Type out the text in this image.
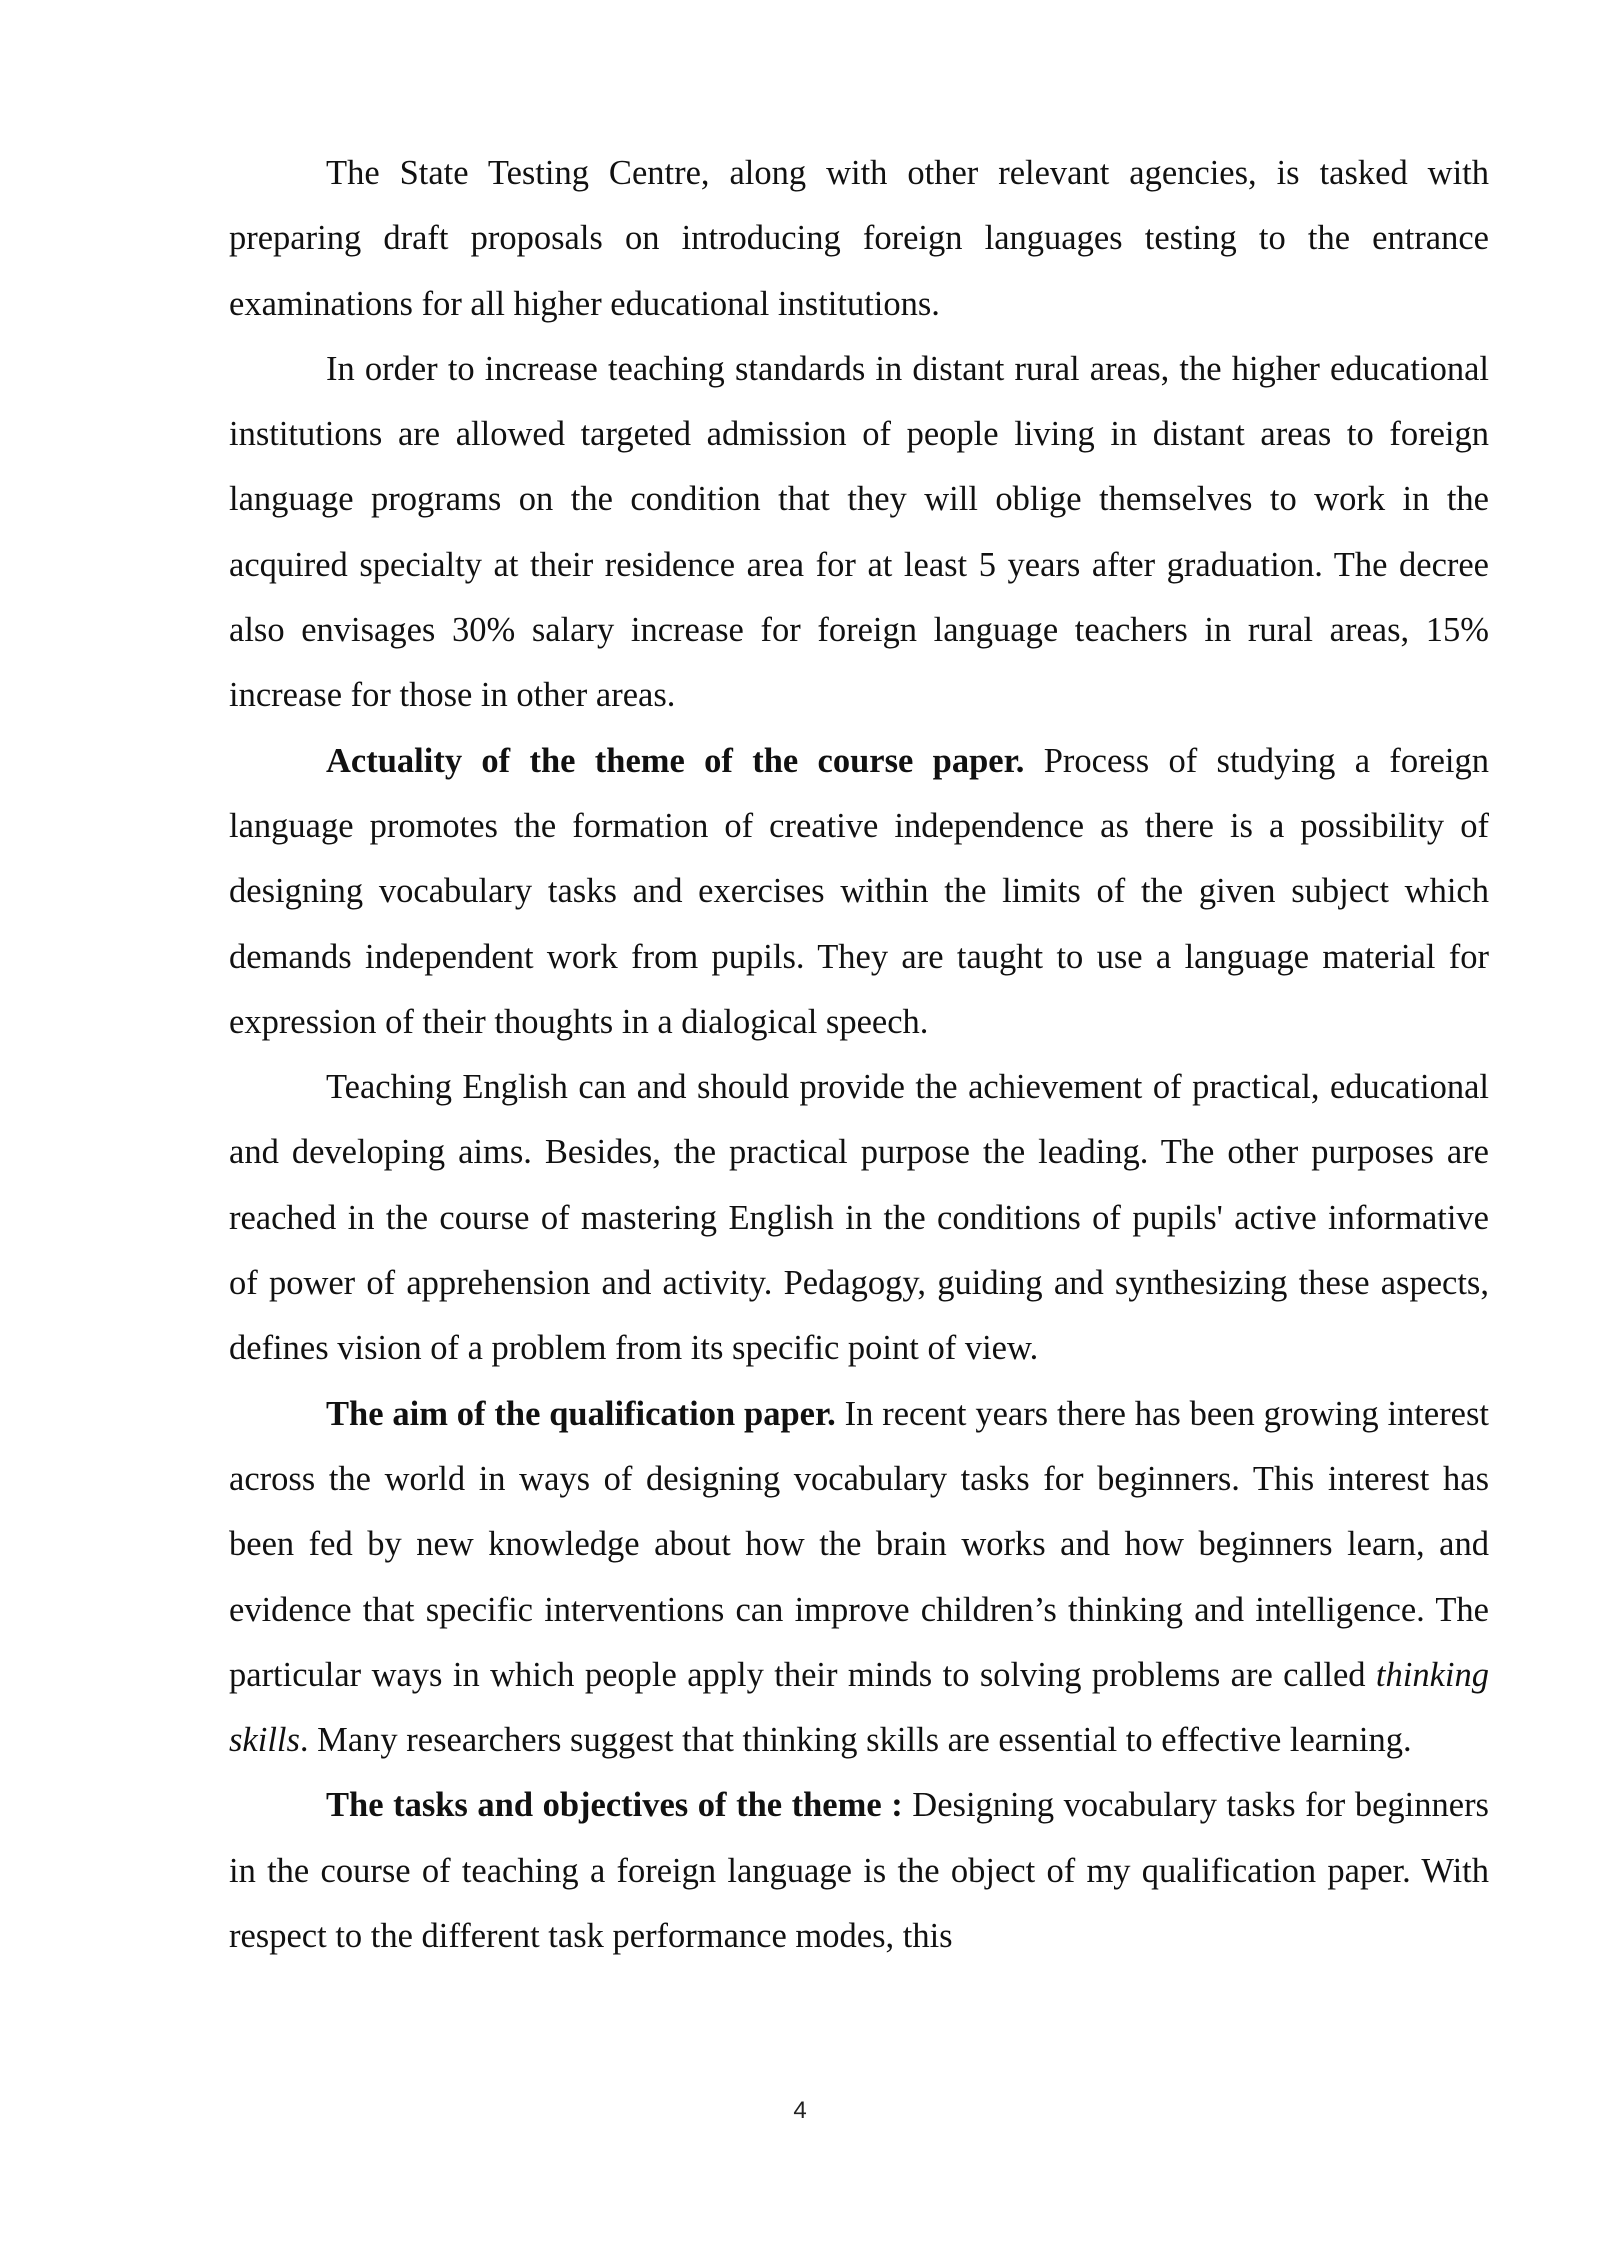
The State Testing Centre, along with other relevant agencies, is tasked with preparing draft proposals on introducing foreign languages testing to the entrance examinations for all higher educational institutions.

In order to increase teaching standards in distant rural areas, the higher educational institutions are allowed targeted admission of people living in distant areas to foreign language programs on the condition that they will oblige themselves to work in the acquired specialty at their residence area for at least 5 years after graduation. The decree also envisages 30% salary increase for foreign language teachers in rural areas, 15% increase for those in other areas.

Actuality of the theme of the course paper. Process of studying a foreign language promotes the formation of creative independence as there is a possibility of designing vocabulary tasks and exercises within the limits of the given subject which demands independent work from pupils. They are taught to use a language material for expression of their thoughts in a dialogical speech.

Teaching English can and should provide the achievement of practical, educational and developing aims. Besides, the practical purpose the leading. The other purposes are reached in the course of mastering English in the conditions of pupils' active informative of power of apprehension and activity. Pedagogy, guiding and synthesizing these aspects, defines vision of a problem from its specific point of view.

The aim of the qualification paper. In recent years there has been growing interest across the world in ways of designing vocabulary tasks for beginners. This interest has been fed by new knowledge about how the brain works and how beginners learn, and evidence that specific interventions can improve children’s thinking and intelligence. The particular ways in which people apply their minds to solving problems are called thinking skills. Many researchers suggest that thinking skills are essential to effective learning.

The tasks and objectives of the theme : Designing vocabulary tasks for beginners in the course of teaching a foreign language is the object of my qualification paper. With respect to the different task performance modes, this

4
